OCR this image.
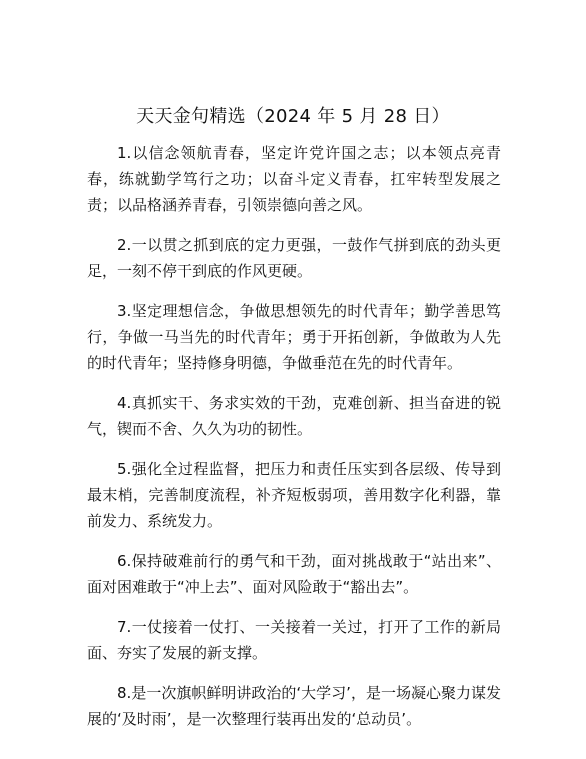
天天金句精选（2024 年 5 月 28 日）

1.以信念领航青春，坚定许党许国之志；以本领点亮青春，练就勤学笃行之功；以奋斗定义青春，扛牢转型发展之责；以品格涵养青春，引领崇德向善之风。

2.一以贯之抓到底的定力更强，一鼓作气拼到底的劲头更足，一刻不停干到底的作风更硬。

3.坚定理想信念，争做思想领先的时代青年；勤学善思笃行，争做一马当先的时代青年；勇于开拓创新，争做敢为人先的时代青年；坚持修身明德，争做垂范在先的时代青年。

4.真抓实干、务求实效的干劲，克难创新、担当奋进的锐气，锲而不舍、久久为功的韧性。

5.强化全过程监督，把压力和责任压实到各层级、传导到最末梢，完善制度流程，补齐短板弱项，善用数字化利器，靠前发力、系统发力。

6.保持破难前行的勇气和干劲，面对挑战敢于“站出来”、面对困难敢于“冲上去”、面对风险敢于“豁出去”。

7.一仗接着一仗打、一关接着一关过，打开了工作的新局面、夯实了发展的新支撑。

8.是一次旗帜鲜明讲政治的‘大学习’，是一场凝心聚力谋发展的‘及时雨’，是一次整理行装再出发的‘总动员’。
